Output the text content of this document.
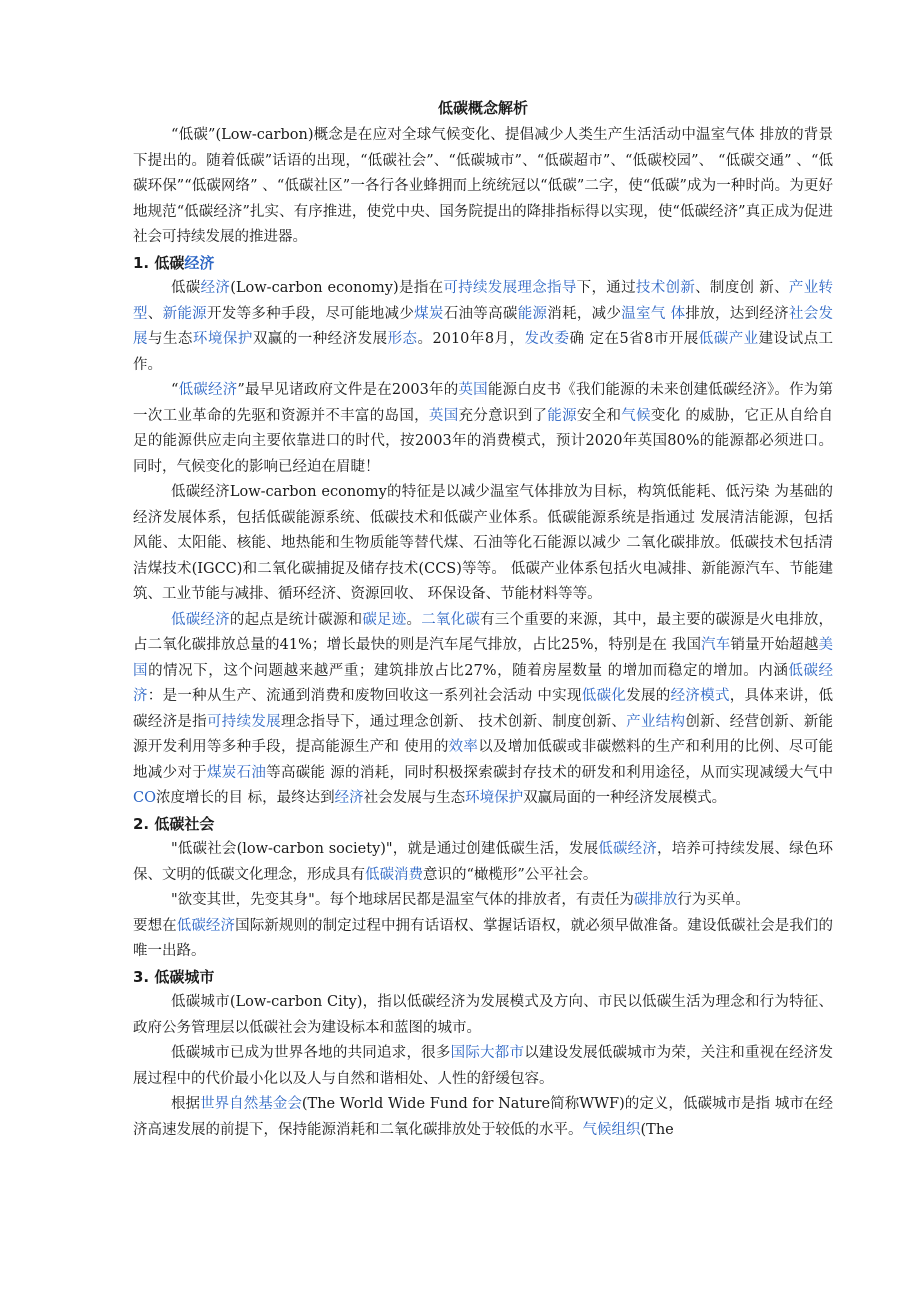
低碳概念解析

“低碳”(Low-carbon)概念是在应对全球气候变化、提倡减少人类生产生活活动中温室气体 排放的背景下提出的。随着低碳”话语的出现，“低碳社会”、“低碳城市”、“低碳超市”、“低碳校园”、 “低碳交通” 、“低碳环保”“低碳网络” 、“低碳社区”一各行各业蜂拥而上统统冠以“低碳”二字，使“低碳”成为一种时尚。为更好地规范“低碳经济”扎实、有序推进，使党中央、国务院提出的降排指标得以实现，使“低碳经济”真正成为促进社会可持续发展的推进器。

1. 低碳经济

低碳经济(Low-carbon economy)是指在可持续发展理念指导下，通过技术创新、制度创 新、产业转型、新能源开发等多种手段，尽可能地减少煤炭石油等高碳能源消耗，减少温室气 体排放，达到经济社会发展与生态环境保护双赢的一种经济发展形态。2010年8月，发改委确 定在5省8市开展低碳产业建设试点工作。

“低碳经济”最早见诸政府文件是在2003年的英国能源白皮书《我们能源的未来创建低碳经济》。作为第一次工业革命的先驱和资源并不丰富的岛国，英国充分意识到了能源安全和气候变化 的威胁，它正从自给自足的能源供应走向主要依靠进口的时代，按2003年的消费模式，预计2020年英国80%的能源都必须进口。同时，气候变化的影响已经迫在眉睫！

低碳经济Low-carbon economy的特征是以减少温室气体排放为目标，构筑低能耗、低污染 为基础的经济发展体系，包括低碳能源系统、低碳技术和低碳产业体系。低碳能源系统是指通过 发展清洁能源，包括风能、太阳能、核能、地热能和生物质能等替代煤、石油等化石能源以减少 二氧化碳排放。低碳技术包括清洁煤技术(IGCC)和二氧化碳捕捉及储存技术(CCS)等等。 低碳产业体系包括火电减排、新能源汽车、节能建筑、工业节能与减排、循环经济、资源回收、 环保设备、节能材料等等。

低碳经济的起点是统计碳源和碳足迹。二氧化碳有三个重要的来源，其中，最主要的碳源是火电排放，占二氧化碳排放总量的41%；增长最快的则是汽车尾气排放，占比25%，特别是在 我国汽车销量开始超越美国的情况下，这个问题越来越严重；建筑排放占比27%，随着房屋数量 的增加而稳定的增加。内涵低碳经济：是一种从生产、流通到消费和废物回收这一系列社会活动 中实现低碳化发展的经济模式，具体来讲，低碳经济是指可持续发展理念指导下，通过理念创新、 技术创新、制度创新、产业结构创新、经营创新、新能源开发利用等多种手段，提高能源生产和 使用的效率以及增加低碳或非碳燃料的生产和利用的比例、尽可能地减少对于煤炭石油等高碳能 源的消耗，同时积极探索碳封存技术的研发和利用途径，从而实现减缓大气中CO浓度增长的目 标，最终达到经济社会发展与生态环境保护双赢局面的一种经济发展模式。

2. 低碳社会

"低碳社会(low-carbon society)"，就是通过创建低碳生活，发展低碳经济，培养可持续发展、绿色环保、文明的低碳文化理念，形成具有低碳消费意识的“橄榄形”公平社会。

"欲变其世，先变其身"。每个地球居民都是温室气体的排放者，有责任为碳排放行为买单。

要想在低碳经济国际新规则的制定过程中拥有话语权、掌握话语权，就必须早做准备。建设低碳社会是我们的唯一出路。

3. 低碳城市

低碳城市(Low-carbon City)，指以低碳经济为发展模式及方向、市民以低碳生活为理念和行为特征、政府公务管理层以低碳社会为建设标本和蓝图的城市。

低碳城市已成为世界各地的共同追求，很多国际大都市以建设发展低碳城市为荣，关注和重视在经济发展过程中的代价最小化以及人与自然和谐相处、人性的舒缓包容。

根据世界自然基金会(The World Wide Fund for Nature简称WWF)的定义，低碳城市是指 城市在经济高速发展的前提下，保持能源消耗和二氧化碳排放处于较低的水平。气候组织(The
